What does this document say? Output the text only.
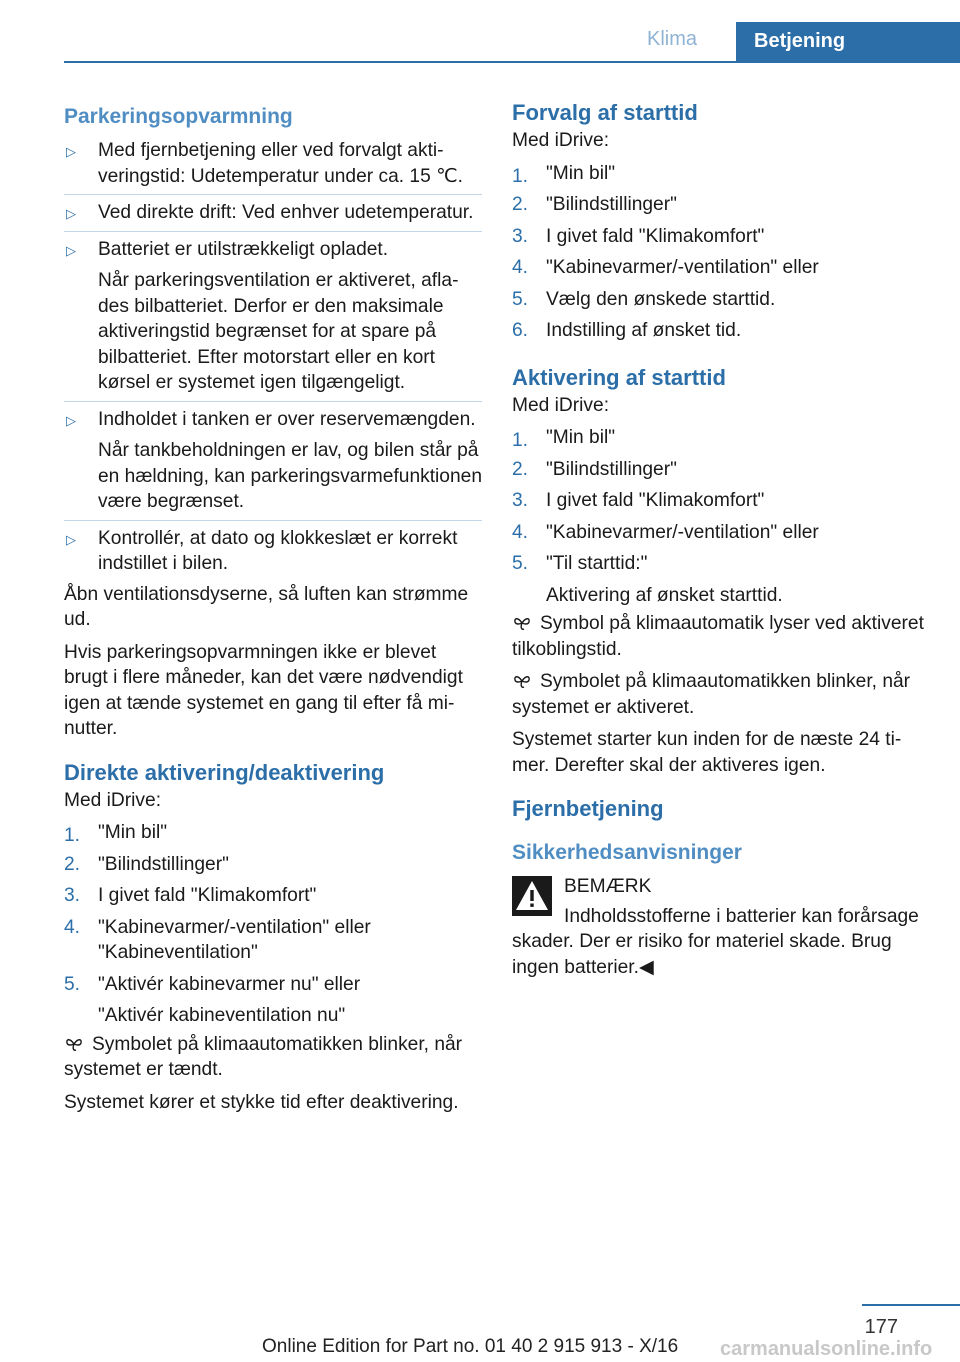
Klima	Betjening
Parkeringsopvarmning
▷ Med fjernbetjening eller ved forvalgt aktiveringstid: Udetemperatur under ca. 15 ℃.
▷ Ved direkte drift: Ved enhver udetemperatur.
▷ Batteriet er utilstrækkeligt opladet.
Når parkeringsventilation er aktiveret, aflades bilbatteriet. Derfor er den maksimale aktiveringstid begrænset for at spare på bilbatteriet. Efter motorstart eller en kort kørsel er systemet igen tilgængeligt.
▷ Indholdet i tanken er over reservemængden.
Når tankbeholdningen er lav, og bilen står på en hældning, kan parkeringsvarmefunktionen være begrænset.
▷ Kontrollér, at dato og klokkeslæt er korrekt indstillet i bilen.

Åbn ventilationsdyserne, så luften kan strømme ud.

Hvis parkeringsopvarmningen ikke er blevet brugt i flere måneder, kan det være nødvendigt igen at tænde systemet en gang til efter få minutter.

Direkte aktivering/deaktivering

Med iDrive:

1. "Min bil"
2. "Bilindstillinger"
3. I givet fald "Klimakomfort"
4. "Kabinevarmer/-ventilation" eller "Kabineventilation"
5. "Aktivér kabinevarmer nu" eller
"Aktivér kabineventilation nu"

Symbolet på klimaautomatikken blinker, når systemet er tændt.

Systemet kører et stykke tid efter deaktivering.

Forvalg af starttid

Med iDrive:

1. "Min bil"
2. "Bilindstillinger"
3. I givet fald "Klimakomfort"
4. "Kabinevarmer/-ventilation" eller
5. Vælg den ønskede starttid.
6. Indstilling af ønsket tid.
Aktivering af starttid

Med iDrive:

1. "Min bil"
2. "Bilindstillinger"
3. I givet fald "Klimakomfort"
4. "Kabinevarmer/-ventilation" eller
5. "Til starttid:"
Aktivering af ønsket starttid.

Symbol på klimaautomatik lyser ved aktiveret tilkoblingstid.

Symbolet på klimaautomatikken blinker, når systemet er aktiveret.

Systemet starter kun inden for de næste 24 timer. Derefter skal der aktiveres igen.

Fjernbetjening
Sikkerhedsanvisninger

BEMÆRK

Indholdsstofferne i batterier kan forårsage skader. Der er risiko for materiel skade. Brug ingen batterier.◀

177
Online Edition for Part no. 01 40 2 915 913 - X/16 carmanualsonline.info
